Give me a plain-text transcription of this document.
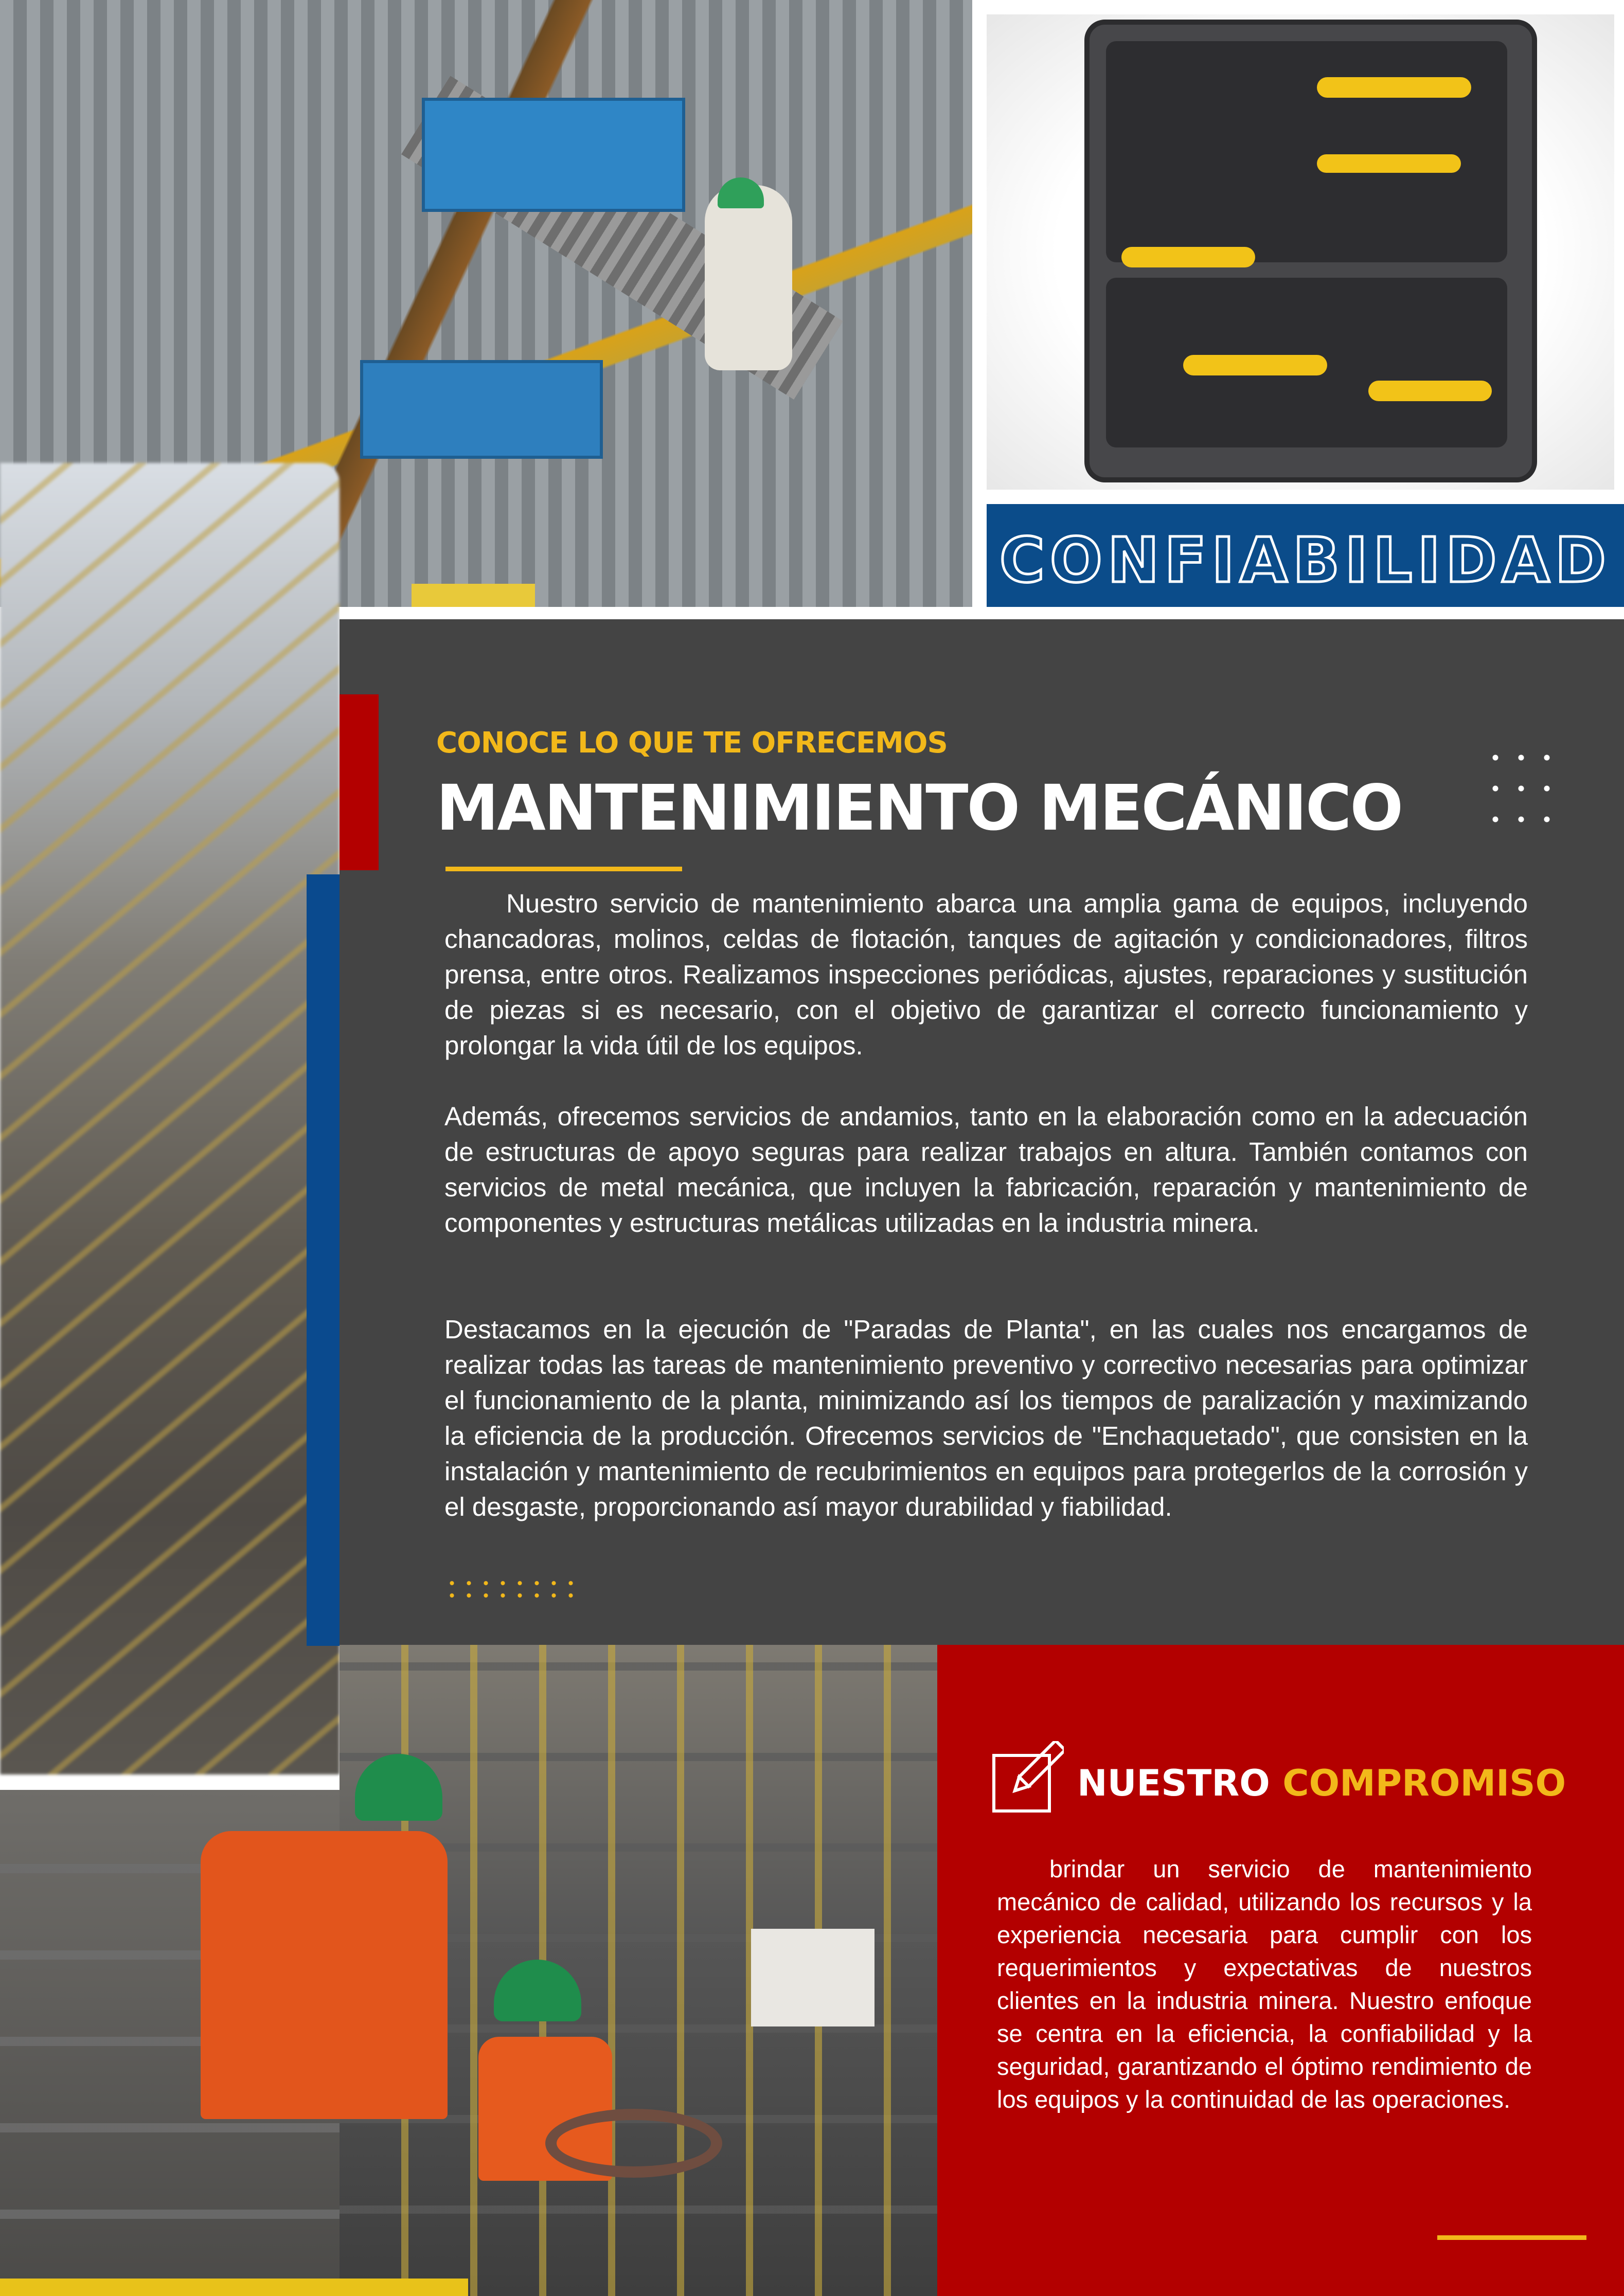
CONFIABILIDAD
CONOCE LO QUE TE OFRECEMOS
MANTENIMIENTO MECÁNICO

Nuestro servicio de mantenimiento abarca una amplia gama de equipos, incluyendo chancadoras, molinos, celdas de flotación, tanques de agitación y condicionadores, filtros prensa, entre otros. Realizamos inspecciones periódicas, ajustes, reparaciones y sustitución de piezas si es necesario, con el objetivo de garantizar el correcto funcionamiento y prolongar la vida útil de los equipos.

Además, ofrecemos servicios de andamios, tanto en la elaboración como en la adecuación de estructuras de apoyo seguras para realizar trabajos en altura. También contamos con servicios de metal mecánica, que incluyen la fabricación, reparación y mantenimiento de componentes y estructuras metálicas utilizadas en la industria minera.

Destacamos en la ejecución de "Paradas de Planta", en las cuales nos encargamos de realizar todas las tareas de mantenimiento preventivo y correctivo necesarias para optimizar el funcionamiento de la planta, minimizando así los tiempos de paralización y maximizando la eficiencia de la producción. Ofrecemos servicios de "Enchaquetado", que consisten en la instalación y mantenimiento de recubrimientos en equipos para protegerlos de la corrosión y el desgaste, proporcionando así mayor durabilidad y fiabilidad.

NUESTRO COMPROMISO

brindar un servicio de mantenimiento mecánico de calidad, utilizando los recursos y la experiencia necesaria para cumplir con los requerimientos y expectativas de nuestros clientes en la industria minera. Nuestro enfoque se centra en la eficiencia, la confiabilidad y la seguridad, garantizando el óptimo rendimiento de los equipos y la continuidad de las operaciones.
